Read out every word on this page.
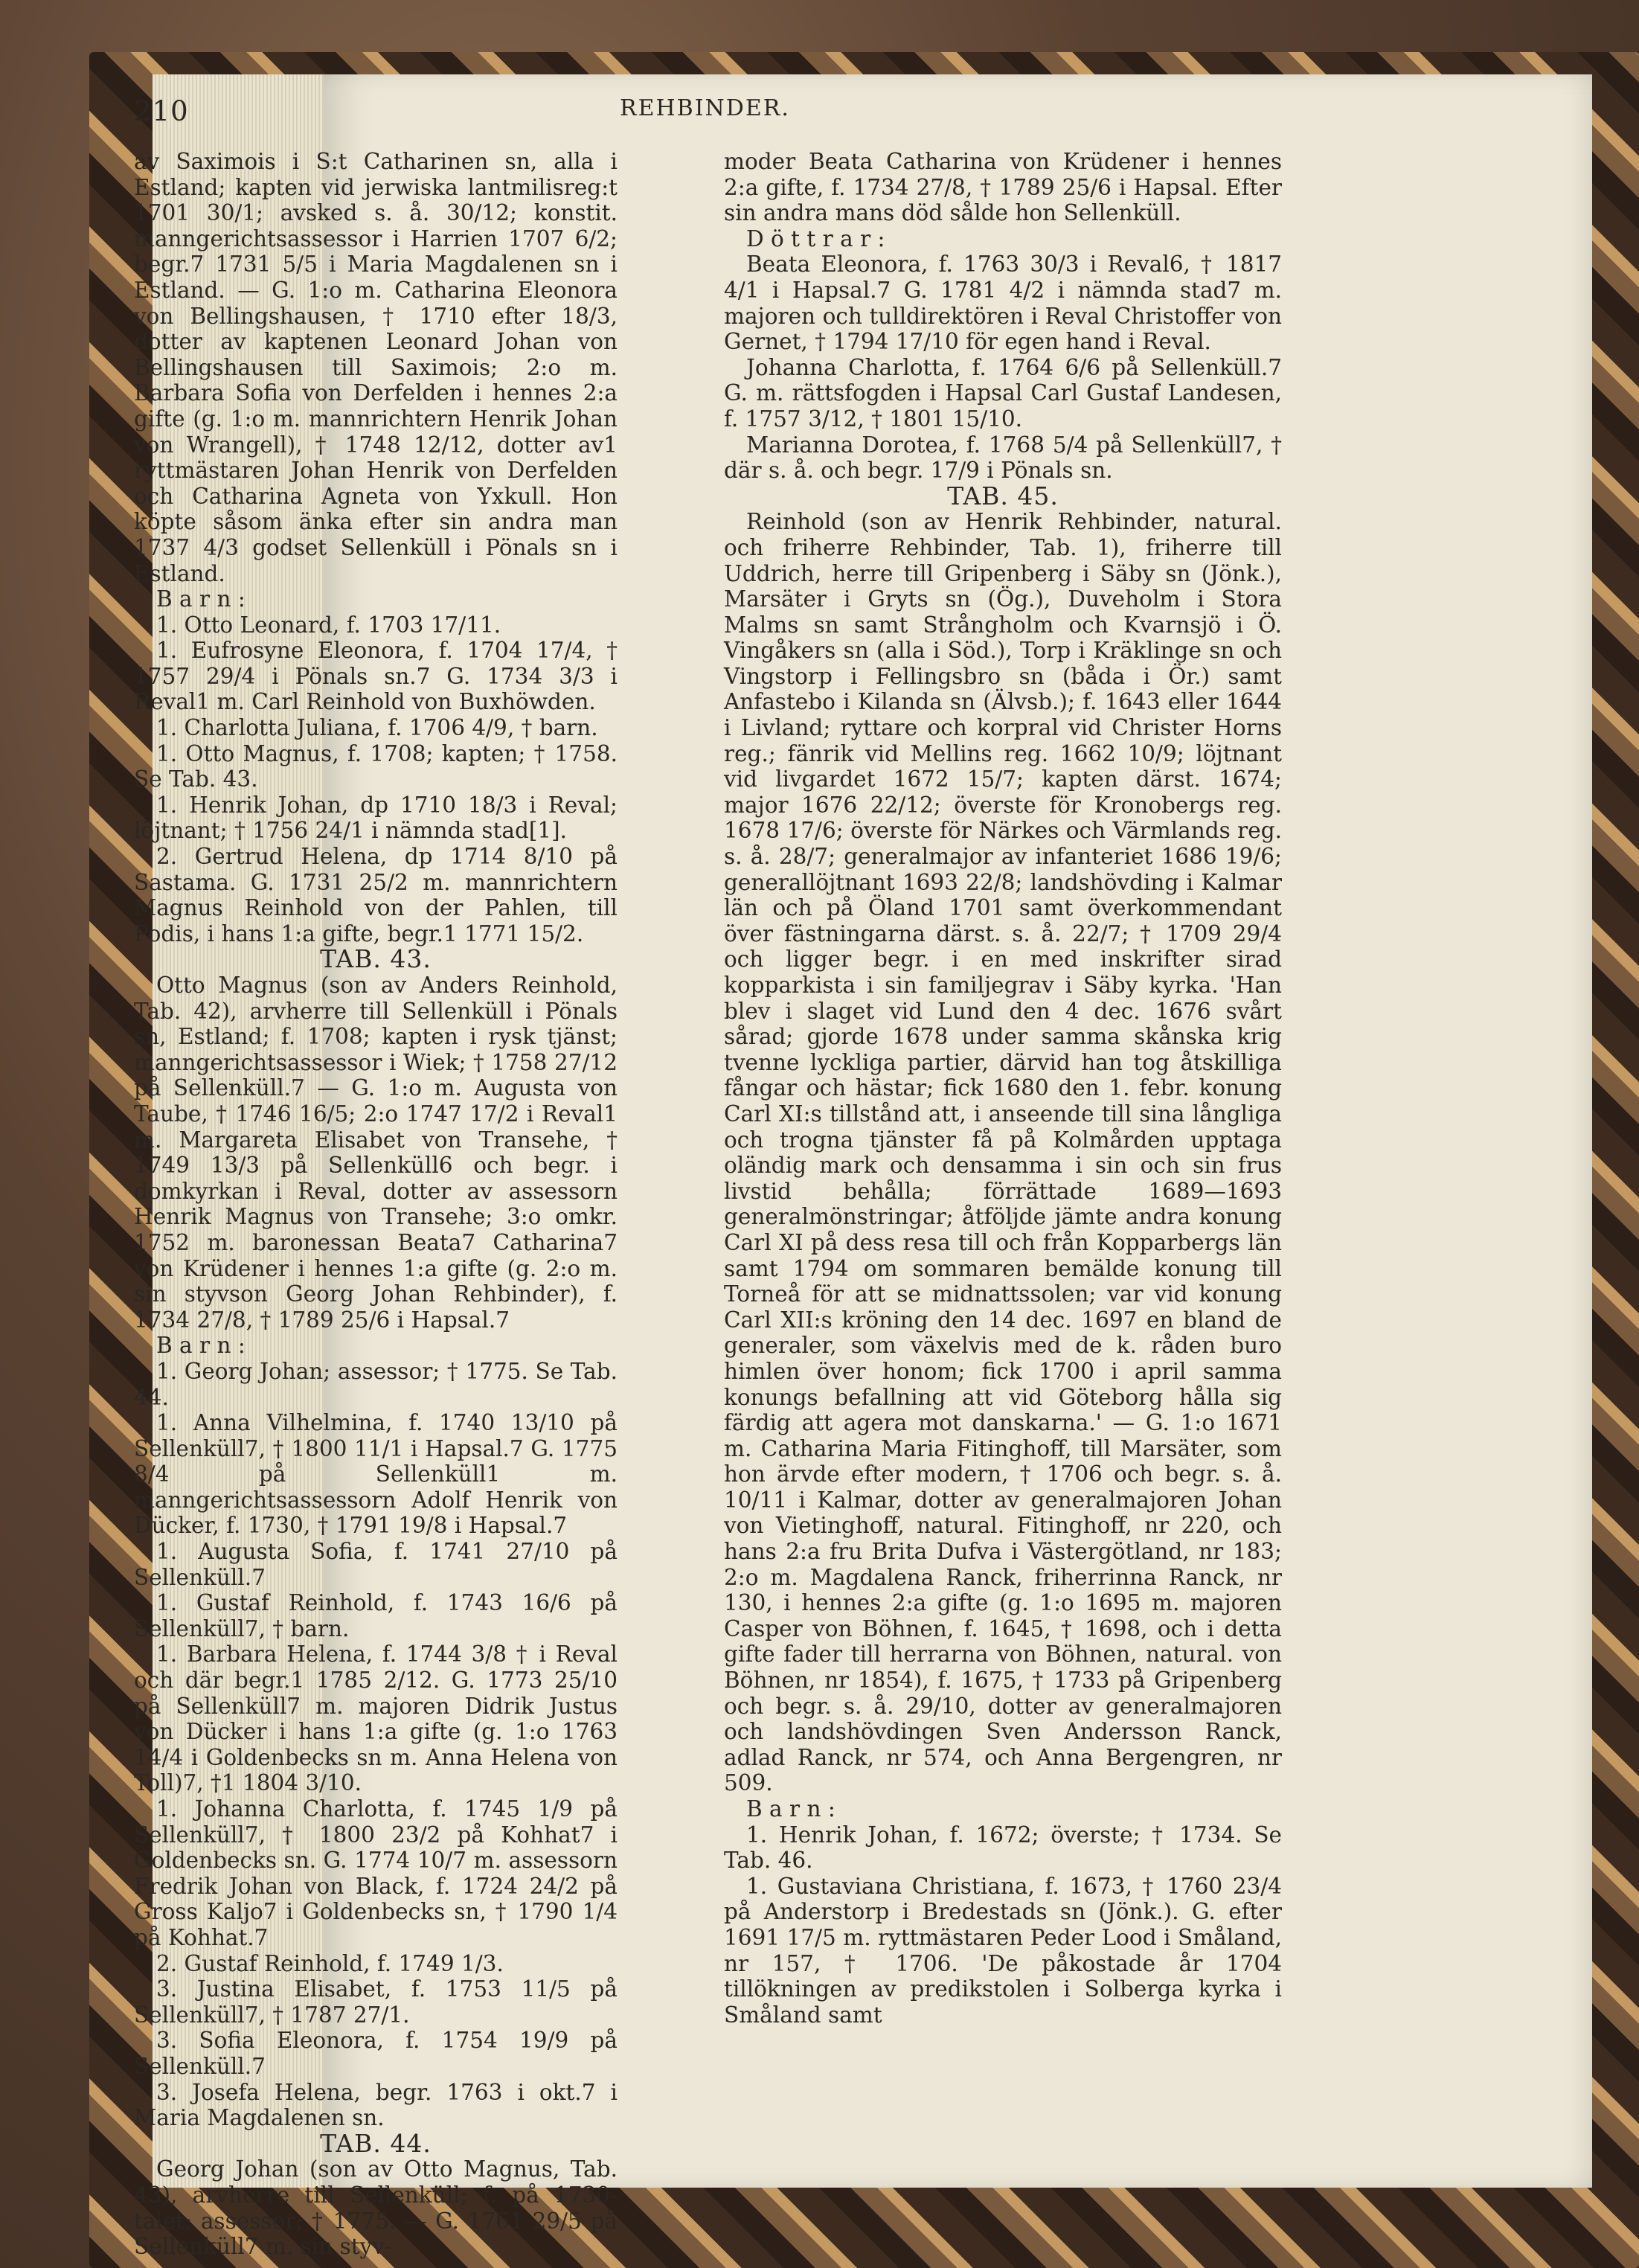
210	REHBINDER.

av Saximois i S:t Catharinen sn, alla i Estland; kapten vid jerwiska lantmilisreg:t 1701 30/1; avsked s. å. 30/12; konstit. manngerichtsassessor i Harrien 1707 6/2; begr.7 1731 5/5 i Maria Magdalenen sn i Estland. — G. 1:o m. Catharina Eleonora von Bellingshausen, † 1710 efter 18/3, dotter av kaptenen Leonard Johan von Bellingshausen till Saximois; 2:o m. Barbara Sofia von Derfelden i hennes 2:a gifte (g. 1:o m. mannrichtern Henrik Johan von Wrangell), † 1748 12/12, dotter av1 ryttmästaren Johan Henrik von Derfelden och Catharina Agneta von Yxkull. Hon köpte såsom änka efter sin andra man 1737 4/3 godset Sellenküll i Pönals sn i Estland.

B a r n :

1. Otto Leonard, f. 1703 17/11.

1. Eufrosyne Eleonora, f. 1704 17/4, † 1757 29/4 i Pönals sn.7 G. 1734 3/3 i Reval1 m. Carl Reinhold von Buxhöwden.

1. Charlotta Juliana, f. 1706 4/9, † barn.

1. Otto Magnus, f. 1708; kapten; † 1758. Se Tab. 43.

1. Henrik Johan, dp 1710 18/3 i Reval; löjtnant; † 1756 24/1 i nämnda stad[1].

2. Gertrud Helena, dp 1714 8/10 på Sastama. G. 1731 25/2 m. mannrichtern Magnus Reinhold von der Pahlen, till Podis, i hans 1:a gifte, begr.1 1771 15/2.

TAB. 43.

Otto Magnus (son av Anders Reinhold, Tab. 42), arvherre till Sellenküll i Pönals sn, Estland; f. 1708; kapten i rysk tjänst; manngerichtsassessor i Wiek; † 1758 27/12 på Sellenküll.7 — G. 1:o m. Augusta von Taube, † 1746 16/5; 2:o 1747 17/2 i Reval1 m. Margareta Elisabet von Transehe, † 1749 13/3 på Sellenküll6 och begr. i domkyrkan i Reval, dotter av assessorn Henrik Magnus von Transehe; 3:o omkr. 1752 m. baronessan Beata7 Catharina7 von Krüdener i hennes 1:a gifte (g. 2:o m. sin styvson Georg Johan Rehbinder), f. 1734 27/8, † 1789 25/6 i Hapsal.7

B a r n :

1. Georg Johan; assessor; † 1775. Se Tab. 44.

1. Anna Vilhelmina, f. 1740 13/10 på Sellenküll7, † 1800 11/1 i Hapsal.7 G. 1775 8/4 på Sellenküll1 m. manngerichtsassessorn Adolf Henrik von Dücker, f. 1730, † 1791 19/8 i Hapsal.7

1. Augusta Sofia, f. 1741 27/10 på Sellenküll.7

1. Gustaf Reinhold, f. 1743 16/6 på Sellenküll7, † barn.

1. Barbara Helena, f. 1744 3/8 † i Reval och där begr.1 1785 2/12. G. 1773 25/10 på Sellenküll7 m. majoren Didrik Justus von Dücker i hans 1:a gifte (g. 1:o 1763 14/4 i Goldenbecks sn m. Anna Helena von Toll)7, †1 1804 3/10.

1. Johanna Charlotta, f. 1745 1/9 på Sellenküll7, † 1800 23/2 på Kohhat7 i Goldenbecks sn. G. 1774 10/7 m. assessorn Fredrik Johan von Black, f. 1724 24/2 på Gross Kaljo7 i Goldenbecks sn, † 1790 1/4 på Kohhat.7

2. Gustaf Reinhold, f. 1749 1/3.

3. Justina Elisabet, f. 1753 11/5 på Sellenküll7, † 1787 27/1.

3. Sofia Eleonora, f. 1754 19/9 på Sellenküll.7

3. Josefa Helena, begr. 1763 i okt.7 i Maria Magdalenen sn.

TAB. 44.

Georg Johan (son av Otto Magnus, Tab. 43), arvherre till Sellenküll; f. på 1730-talet; assessor; † 1775. — G. 1761 29/5 på Sellenküll7 m. sin styv-

moder Beata Catharina von Krüdener i hennes 2:a gifte, f. 1734 27/8, † 1789 25/6 i Hapsal. Efter sin andra mans död sålde hon Sellenküll.

D ö t t r a r :

Beata Eleonora, f. 1763 30/3 i Reval6, † 1817 4/1 i Hapsal.7 G. 1781 4/2 i nämnda stad7 m. majoren och tulldirektören i Reval Christoffer von Gernet, † 1794 17/10 för egen hand i Reval.

Johanna Charlotta, f. 1764 6/6 på Sellenküll.7 G. m. rättsfogden i Hapsal Carl Gustaf Landesen, f. 1757 3/12, † 1801 15/10.

Marianna Dorotea, f. 1768 5/4 på Sellenküll7, † där s. å. och begr. 17/9 i Pönals sn.

TAB. 45.

Reinhold (son av Henrik Rehbinder, natural. och friherre Rehbinder, Tab. 1), friherre till Uddrich, herre till Gripenberg i Säby sn (Jönk.), Marsäter i Gryts sn (Ög.), Duveholm i Stora Malms sn samt Strångholm och Kvarnsjö i Ö. Vingåkers sn (alla i Söd.), Torp i Kräklinge sn och Vingstorp i Fellingsbro sn (båda i Ör.) samt Anfastebo i Kilanda sn (Älvsb.); f. 1643 eller 1644 i Livland; ryttare och korpral vid Christer Horns reg.; fänrik vid Mellins reg. 1662 10/9; löjtnant vid livgardet 1672 15/7; kapten därst. 1674; major 1676 22/12; överste för Kronobergs reg. 1678 17/6; överste för Närkes och Värmlands reg. s. å. 28/7; generalmajor av infanteriet 1686 19/6; generallöjtnant 1693 22/8; landshövding i Kalmar län och på Öland 1701 samt överkommendant över fästningarna därst. s. å. 22/7; † 1709 29/4 och ligger begr. i en med inskrifter sirad kopparkista i sin familjegrav i Säby kyrka. 'Han blev i slaget vid Lund den 4 dec. 1676 svårt sårad; gjorde 1678 under samma skånska krig tvenne lyckliga partier, därvid han tog åtskilliga fångar och hästar; fick 1680 den 1. febr. konung Carl XI:s tillstånd att, i anseende till sina långliga och trogna tjänster få på Kolmården upptaga oländig mark och densamma i sin och sin frus livstid behålla; förrättade 1689—1693 generalmönstringar; åtföljde jämte andra konung Carl XI på dess resa till och från Kopparbergs län samt 1794 om sommaren bemälde konung till Torneå för att se midnattssolen; var vid konung Carl XII:s kröning den 14 dec. 1697 en bland de generaler, som växelvis med de k. råden buro himlen över honom; fick 1700 i april samma konungs befallning att vid Göteborg hålla sig färdig att agera mot danskarna.' — G. 1:o 1671 m. Catharina Maria Fitinghoff, till Marsäter, som hon ärvde efter modern, † 1706 och begr. s. å. 10/11 i Kalmar, dotter av generalmajoren Johan von Vietinghoff, natural. Fitinghoff, nr 220, och hans 2:a fru Brita Dufva i Västergötland, nr 183; 2:o m. Magdalena Ranck, friherrinna Ranck, nr 130, i hennes 2:a gifte (g. 1:o 1695 m. majoren Casper von Böhnen, f. 1645, † 1698, och i detta gifte fader till herrarna von Böhnen, natural. von Böhnen, nr 1854), f. 1675, † 1733 på Gripenberg och begr. s. å. 29/10, dotter av generalmajoren och landshövdingen Sven Andersson Ranck, adlad Ranck, nr 574, och Anna Bergengren, nr 509.

B a r n :

1. Henrik Johan, f. 1672; överste; † 1734. Se Tab. 46.

1. Gustaviana Christiana, f. 1673, † 1760 23/4 på Anderstorp i Bredestads sn (Jönk.). G. efter 1691 17/5 m. ryttmästaren Peder Lood i Småland, nr 157, † 1706. 'De påkostade år 1704 tillökningen av predikstolen i Solberga kyrka i Småland samt
